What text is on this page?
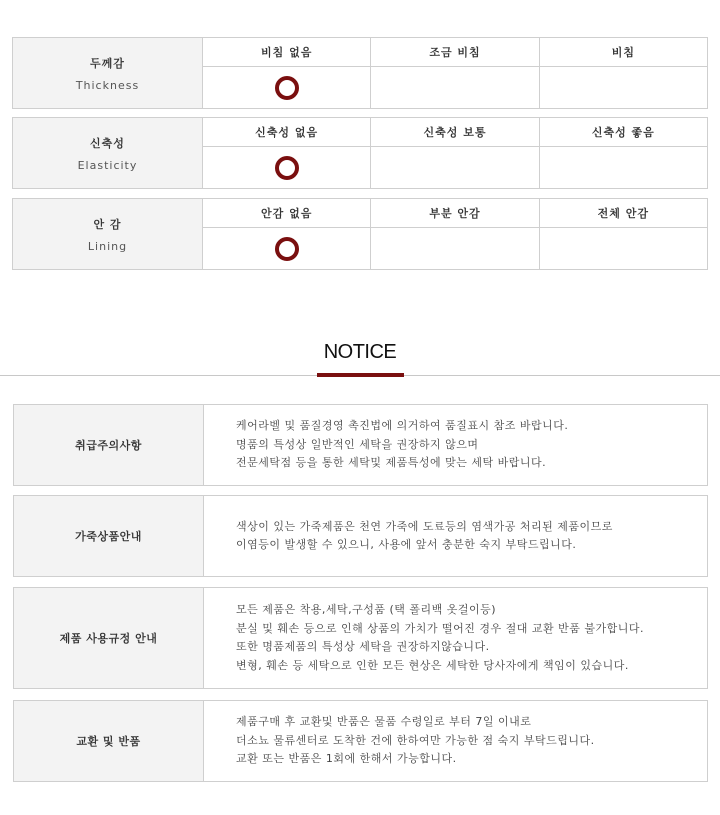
두께감
Thickness
비침 없음	조금 비침	비침
신축성
Elasticity
신축성 없음	신축성 보통	신축성 좋음
안 감
Lining
안감 없음	부분 안감	전체 안감
NOTICE
취급주의사항
케어라벨 및 품질경영 촉진법에 의거하여 품질표시 참조 바랍니다.
명품의 특성상 일반적인 세탁을 권장하지 않으며
전문세탁점 등을 통한 세탁및 제품특성에 맞는 세탁 바랍니다.
가죽상품안내
색상이 있는 가죽제품은 천연 가죽에 도료등의 염색가공 처리된 제품이므로
이염등이 발생할 수 있으니, 사용에 앞서 충분한 숙지 부탁드립니다.
제품 사용규정 안내
모든 제품은 착용,세탁,구성품 (택 폴리백 옷걸이등)
분실 및 훼손 등으로 인해 상품의 가치가 떨어진 경우 절대 교환 반품 불가합니다.
또한 명품제품의 특성상 세탁을 권장하지않습니다.
변형, 훼손 등 세탁으로 인한 모든 현상은 세탁한 당사자에게 책임이 있습니다.
교환 및 반품
제품구매 후 교환및 반품은 물품 수령일로 부터 7일 이내로
더소뇨 물류센터로 도착한 건에 한하여만 가능한 점 숙지 부탁드립니다.
교환 또는 반품은 1회에 한해서 가능합니다.
